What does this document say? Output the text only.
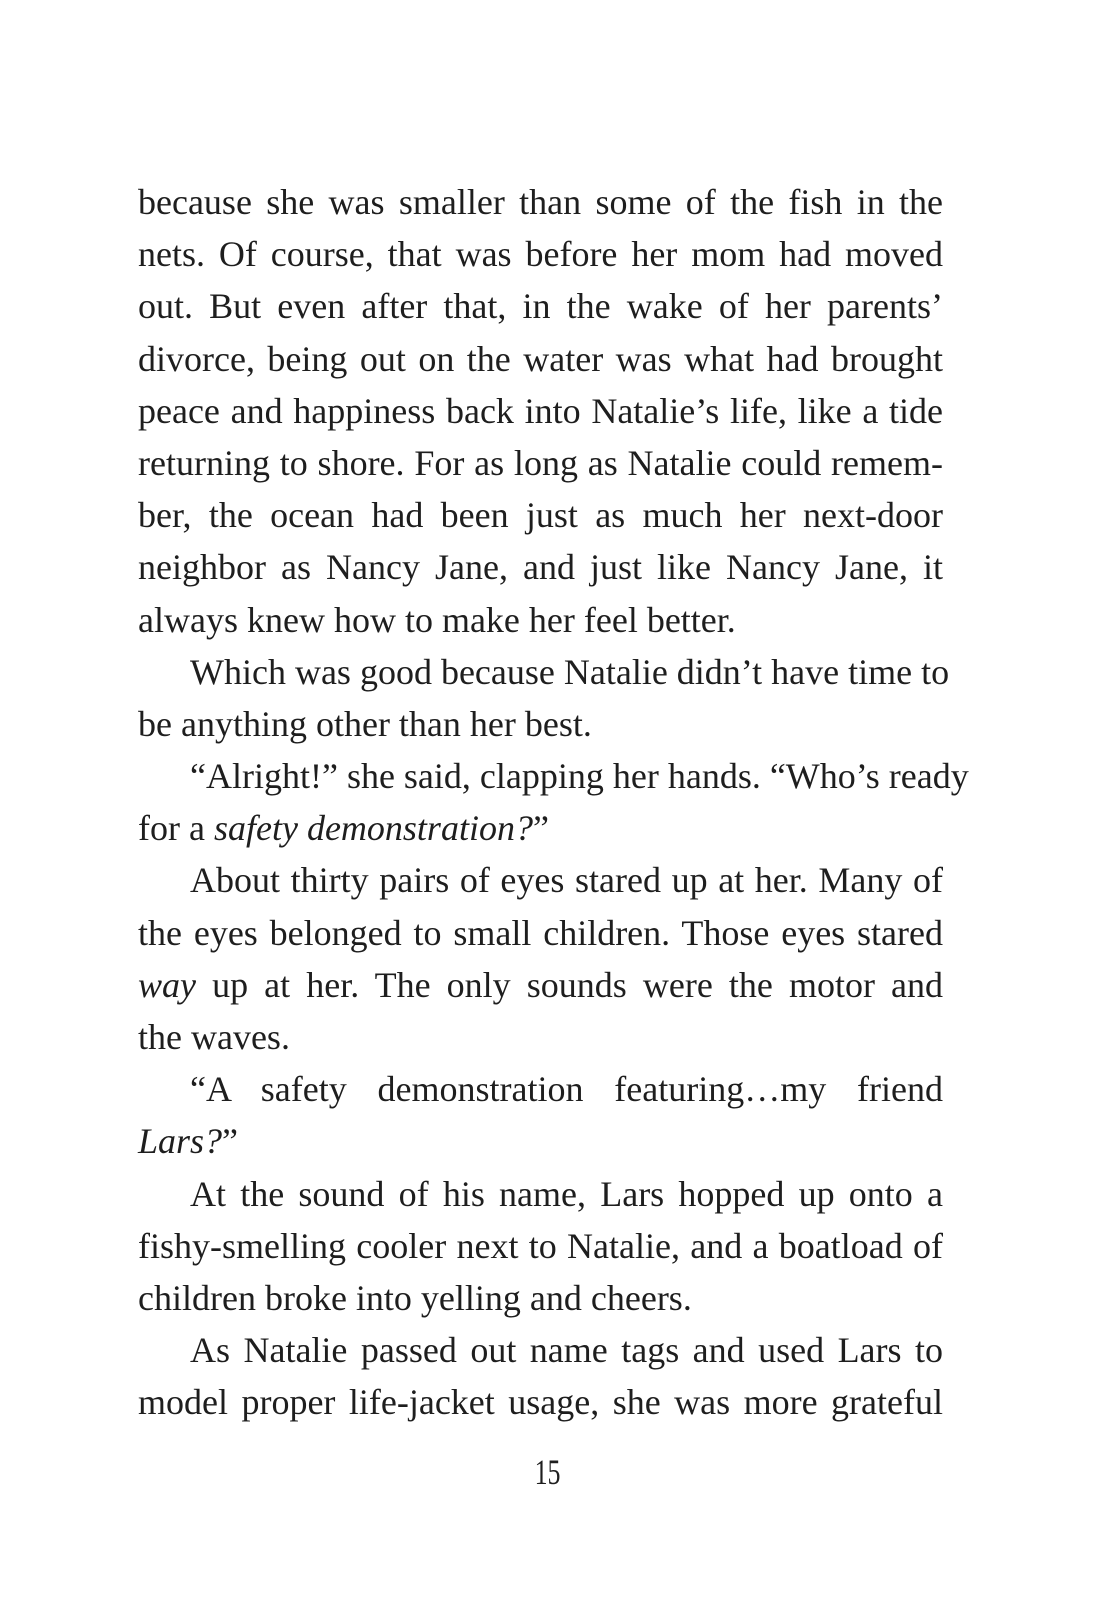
because she was smaller than some of the fish in the
nets. Of course, that was before her mom had moved
out. But even after that, in the wake of her parents’
divorce, being out on the water was what had brought
peace and happiness back into Natalie’s life, like a tide
returning to shore. For as long as Natalie could remem-
ber, the ocean had been just as much her next-door
neighbor as Nancy Jane, and just like Nancy Jane, it
always knew how to make her feel better.
Which was good because Natalie didn’t have time to
be anything other than her best.
“Alright!” she said, clapping her hands. “Who’s ready
for a safety demonstration?”
About thirty pairs of eyes stared up at her. Many of
the eyes belonged to small children. Those eyes stared
way up at her. The only sounds were the motor and
the waves.
“A safety demonstration featuring…my friend
Lars?”
At the sound of his name, Lars hopped up onto a
fishy-smelling cooler next to Natalie, and a boatload of
children broke into yelling and cheers.
As Natalie passed out name tags and used Lars to
model proper life-jacket usage, she was more grateful
15
